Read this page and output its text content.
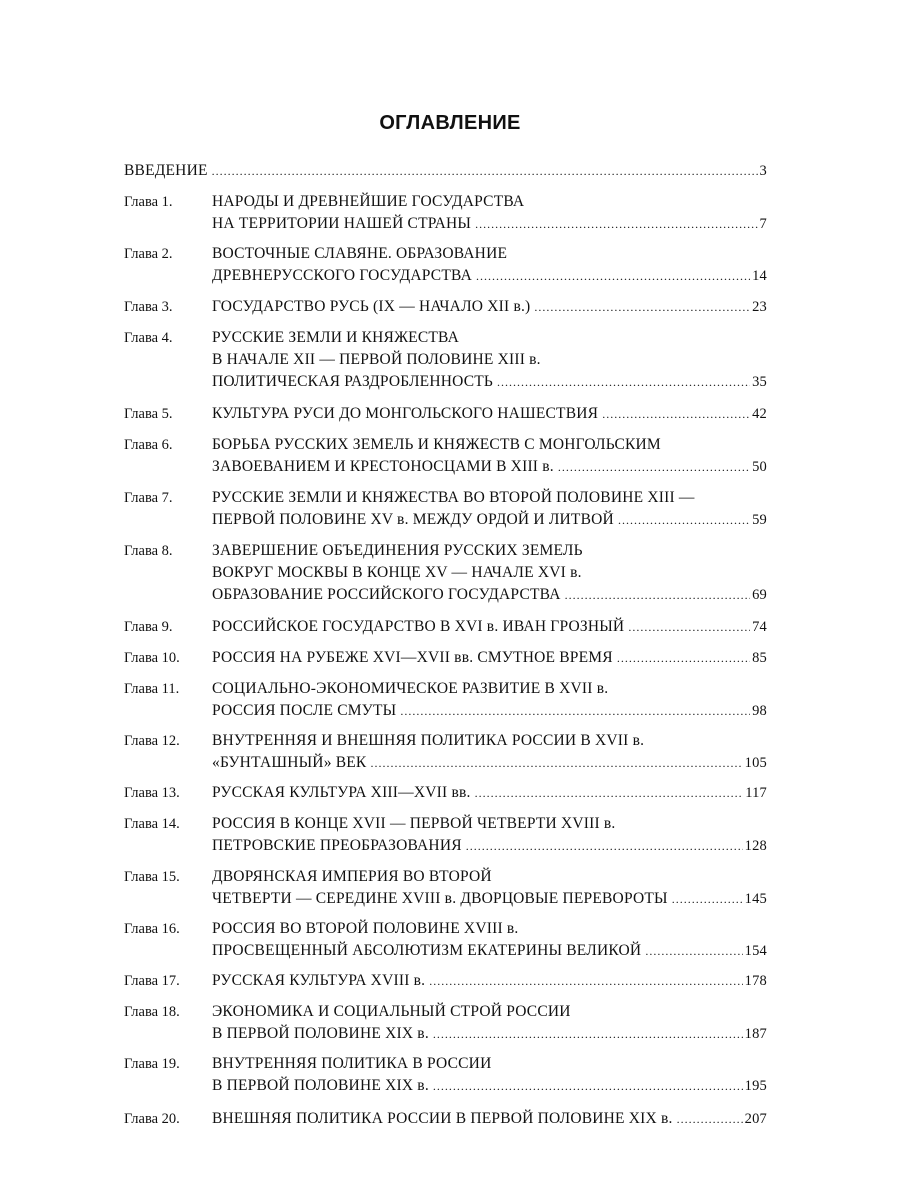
ОГЛАВЛЕНИЕ
ВВЕДЕНИЕ .....	3
Глава 1.	НАРОДЫ И ДРЕВНЕЙШИЕ ГОСУДАРСТВА
НА ТЕРРИТОРИИ НАШЕЙ СТРАНЫ .....	7
Глава 2.	ВОСТОЧНЫЕ СЛАВЯНЕ. ОБРАЗОВАНИЕ
ДРЕВНЕРУССКОГО ГОСУДАРСТВА .....	14
Глава 3.	ГОСУДАРСТВО РУСЬ (IX — НАЧАЛО XII в.) .....	23
Глава 4.	РУССКИЕ ЗЕМЛИ И КНЯЖЕСТВА
В НАЧАЛЕ XII — ПЕРВОЙ ПОЛОВИНЕ XIII в.
ПОЛИТИЧЕСКАЯ РАЗДРОБЛЕННОСТЬ .....	35
Глава 5.	КУЛЬТУРА РУСИ ДО МОНГОЛЬСКОГО НАШЕСТВИЯ .....	42
Глава 6.	БОРЬБА РУССКИХ ЗЕМЕЛЬ И КНЯЖЕСТВ С МОНГОЛЬСКИМ
ЗАВОЕВАНИЕМ И КРЕСТОНОСЦАМИ В XIII в. .....	50
Глава 7.	РУССКИЕ ЗЕМЛИ И КНЯЖЕСТВА ВО ВТОРОЙ ПОЛОВИНЕ XIII —
ПЕРВОЙ ПОЛОВИНЕ XV в. МЕЖДУ ОРДОЙ И ЛИТВОЙ .....	59
Глава 8.	ЗАВЕРШЕНИЕ ОБЪЕДИНЕНИЯ РУССКИХ ЗЕМЕЛЬ
ВОКРУГ МОСКВЫ В КОНЦЕ XV — НАЧАЛЕ XVI в.
ОБРАЗОВАНИЕ РОССИЙСКОГО ГОСУДАРСТВА .....	69
Глава 9.	РОССИЙСКОЕ ГОСУДАРСТВО В XVI в. ИВАН ГРОЗНЫЙ .....	74
Глава 10. РОССИЯ НА РУБЕЖЕ XVI—XVII вв. СМУТНОЕ ВРЕМЯ .....	85
Глава 11. СОЦИАЛЬНО-ЭКОНОМИЧЕСКОЕ РАЗВИТИЕ В XVII в.
РОССИЯ ПОСЛЕ СМУТЫ .....	98
Глава 12. ВНУТРЕННЯЯ И ВНЕШНЯЯ ПОЛИТИКА РОССИИ В XVII в.
«БУНТАШНЫЙ» ВЕК .....	105
Глава 13. РУССКАЯ КУЛЬТУРА XIII—XVII вв. .....	117
Глава 14. РОССИЯ В КОНЦЕ XVII — ПЕРВОЙ ЧЕТВЕРТИ XVIII в.
ПЕТРОВСКИЕ ПРЕОБРАЗОВАНИЯ .....	128
Глава 15. ДВОРЯНСКАЯ ИМПЕРИЯ ВО ВТОРОЙ
ЧЕТВЕРТИ — СЕРЕДИНЕ XVIII в. ДВОРЦОВЫЕ ПЕРЕВОРОТЫ .....	145
Глава 16. РОССИЯ ВО ВТОРОЙ ПОЛОВИНЕ XVIII в.
ПРОСВЕЩЕННЫЙ АБСОЛЮТИЗМ ЕКАТЕРИНЫ ВЕЛИКОЙ .....	154
Глава 17. РУССКАЯ КУЛЬТУРА XVIII в. .....	178
Глава 18. ЭКОНОМИКА И СОЦИАЛЬНЫЙ СТРОЙ РОССИИ
В ПЕРВОЙ ПОЛОВИНЕ XIX в. .....	187
Глава 19. ВНУТРЕННЯЯ ПОЛИТИКА В РОССИИ
В ПЕРВОЙ ПОЛОВИНЕ XIX в. .....	195
Глава 20. ВНЕШНЯЯ ПОЛИТИКА РОССИИ В ПЕРВОЙ ПОЛОВИНЕ XIX в. .....	207
